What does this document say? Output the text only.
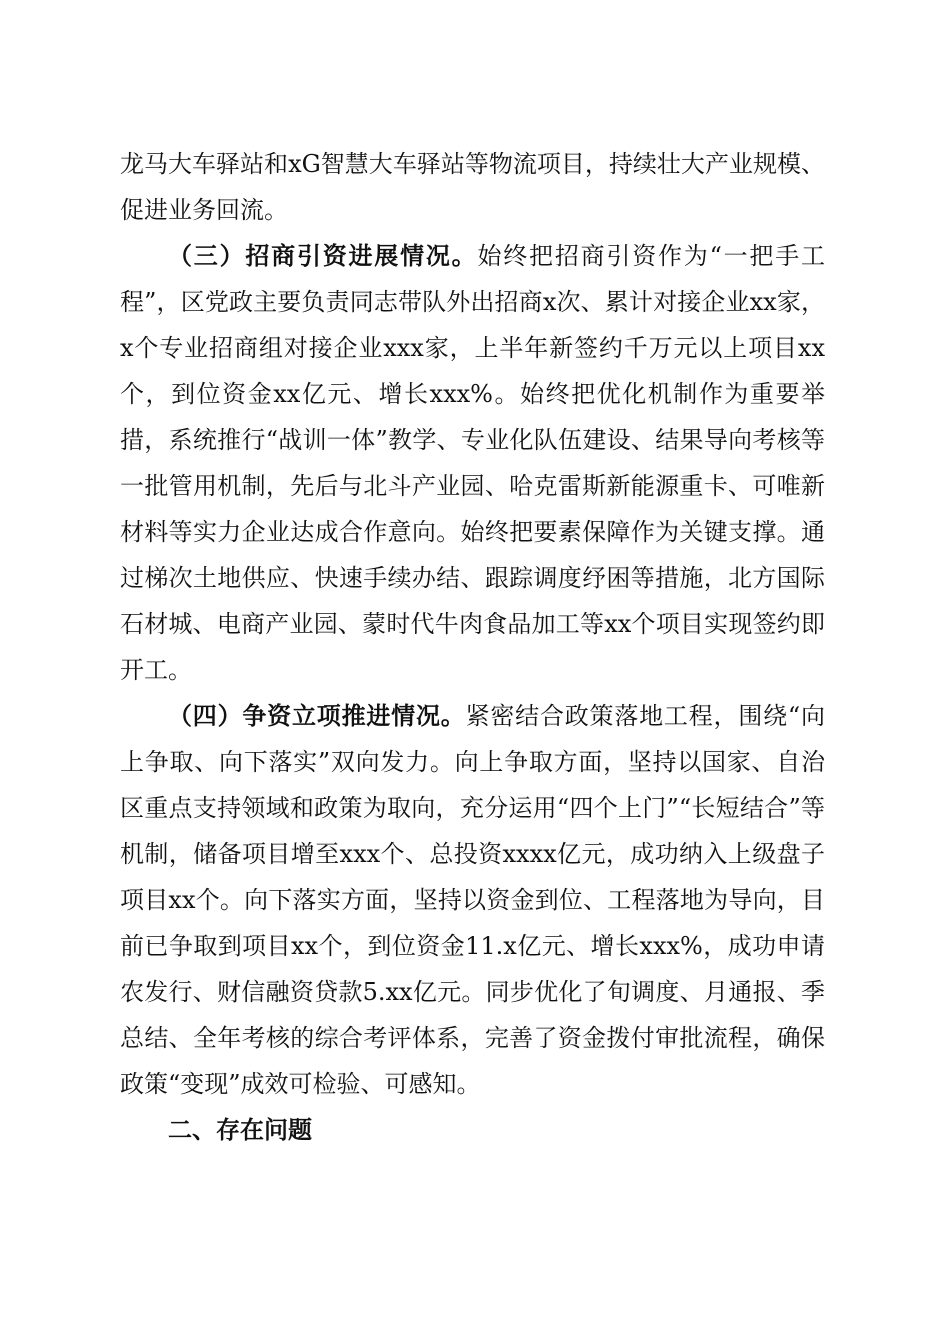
龙马大车驿站和xG智慧大车驿站等物流项目，持续壮大产业规模、促进业务回流。

（三）招商引资进展情况。始终把招商引资作为“一把手工程”，区党政主要负责同志带队外出招商x次、累计对接企业xx家，x个专业招商组对接企业xxx家，上半年新签约千万元以上项目xx个，到位资金xx亿元、增长xxx%。始终把优化机制作为重要举措，系统推行“战训一体”教学、专业化队伍建设、结果导向考核等一批管用机制，先后与北斗产业园、哈克雷斯新能源重卡、可唯新材料等实力企业达成合作意向。始终把要素保障作为关键支撑。通过梯次土地供应、快速手续办结、跟踪调度纾困等措施，北方国际石材城、电商产业园、蒙时代牛肉食品加工等xx个项目实现签约即开工。

（四）争资立项推进情况。紧密结合政策落地工程，围绕“向上争取、向下落实”双向发力。向上争取方面，坚持以国家、自治区重点支持领域和政策为取向，充分运用“四个上门”“长短结合”等机制，储备项目增至xxx个、总投资xxxx亿元，成功纳入上级盘子项目xx个。向下落实方面，坚持以资金到位、工程落地为导向，目前已争取到项目xx个，到位资金11.x亿元、增长xxx%，成功申请农发行、财信融资贷款5.xx亿元。同步优化了旬调度、月通报、季总结、全年考核的综合考评体系，完善了资金拨付审批流程，确保政策“变现”成效可检验、可感知。

二、存在问题
